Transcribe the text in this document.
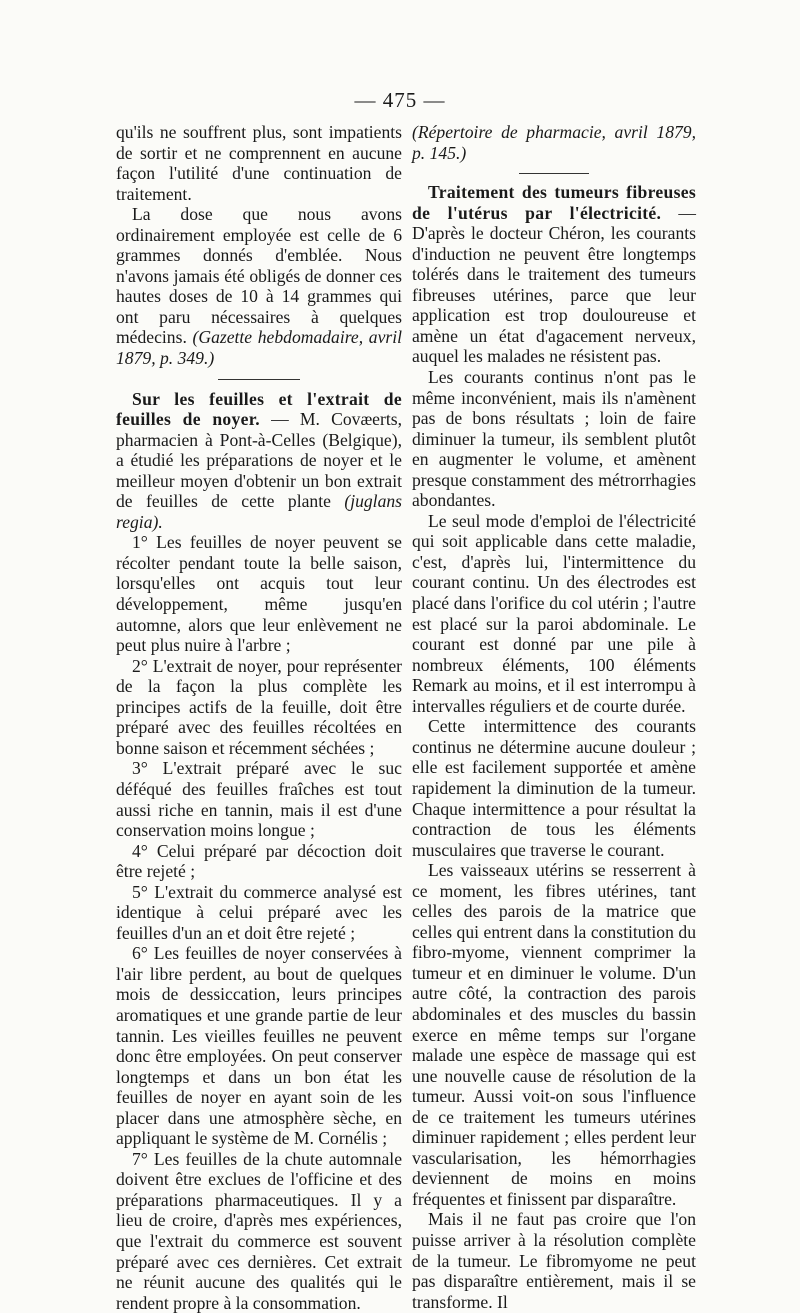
— 475 —

qu'ils ne souffrent plus, sont impatients de sortir et ne comprennent en aucune façon l'utilité d'une continuation de traitement.

La dose que nous avons ordinairement employée est celle de 6 grammes donnés d'emblée. Nous n'avons jamais été obligés de donner ces hautes doses de 10 à 14 grammes qui ont paru nécessaires à quelques médecins. (Gazette hebdomadaire, avril 1879, p. 349.)

Sur les feuilles et l'extrait de feuilles de noyer. — M. Covæerts, pharmacien à Pont-à-Celles (Belgique), a étudié les préparations de noyer et le meilleur moyen d'obtenir un bon extrait de feuilles de cette plante (juglans regia).

1° Les feuilles de noyer peuvent se récolter pendant toute la belle saison, lorsqu'elles ont acquis tout leur développement, même jusqu'en automne, alors que leur enlèvement ne peut plus nuire à l'arbre ;

2° L'extrait de noyer, pour représenter de la façon la plus complète les principes actifs de la feuille, doit être préparé avec des feuilles récoltées en bonne saison et récemment séchées ;

3° L'extrait préparé avec le suc déféqué des feuilles fraîches est tout aussi riche en tannin, mais il est d'une conservation moins longue ;

4° Celui préparé par décoction doit être rejeté ;

5° L'extrait du commerce analysé est identique à celui préparé avec les feuilles d'un an et doit être rejeté ;

6° Les feuilles de noyer conservées à l'air libre perdent, au bout de quelques mois de dessiccation, leurs principes aromatiques et une grande partie de leur tannin. Les vieilles feuilles ne peuvent donc être employées. On peut conserver longtemps et dans un bon état les feuilles de noyer en ayant soin de les placer dans une atmosphère sèche, en appliquant le système de M. Cornélis ;

7° Les feuilles de la chute automnale doivent être exclues de l'officine et des préparations pharmaceutiques. Il y a lieu de croire, d'après mes expériences, que l'extrait du commerce est souvent préparé avec ces dernières. Cet extrait ne réunit aucune des qualités qui le rendent propre à la consommation.

(Répertoire de pharmacie, avril 1879, p. 145.)

Traitement des tumeurs fibreuses de l'utérus par l'électricité. — D'après le docteur Chéron, les courants d'induction ne peuvent être longtemps tolérés dans le traitement des tumeurs fibreuses utérines, parce que leur application est trop douloureuse et amène un état d'agacement nerveux, auquel les malades ne résistent pas.

Les courants continus n'ont pas le même inconvénient, mais ils n'amènent pas de bons résultats ; loin de faire diminuer la tumeur, ils semblent plutôt en augmenter le volume, et amènent presque constamment des métrorrhagies abondantes.

Le seul mode d'emploi de l'électricité qui soit applicable dans cette maladie, c'est, d'après lui, l'intermittence du courant continu. Un des électrodes est placé dans l'orifice du col utérin ; l'autre est placé sur la paroi abdominale. Le courant est donné par une pile à nombreux éléments, 100 éléments Remark au moins, et il est interrompu à intervalles réguliers et de courte durée.

Cette intermittence des courants continus ne détermine aucune douleur ; elle est facilement supportée et amène rapidement la diminution de la tumeur. Chaque intermittence a pour résultat la contraction de tous les éléments musculaires que traverse le courant.

Les vaisseaux utérins se resserrent à ce moment, les fibres utérines, tant celles des parois de la matrice que celles qui entrent dans la constitution du fibro-myome, viennent comprimer la tumeur et en diminuer le volume. D'un autre côté, la contraction des parois abdominales et des muscles du bassin exerce en même temps sur l'organe malade une espèce de massage qui est une nouvelle cause de résolution de la tumeur. Aussi voit-on sous l'influence de ce traitement les tumeurs utérines diminuer rapidement ; elles perdent leur vascularisation, les hémorrhagies deviennent de moins en moins fréquentes et finissent par disparaître.

Mais il ne faut pas croire que l'on puisse arriver à la résolution complète de la tumeur. Le fibromyome ne peut pas disparaître entièrement, mais il se transforme. Il
